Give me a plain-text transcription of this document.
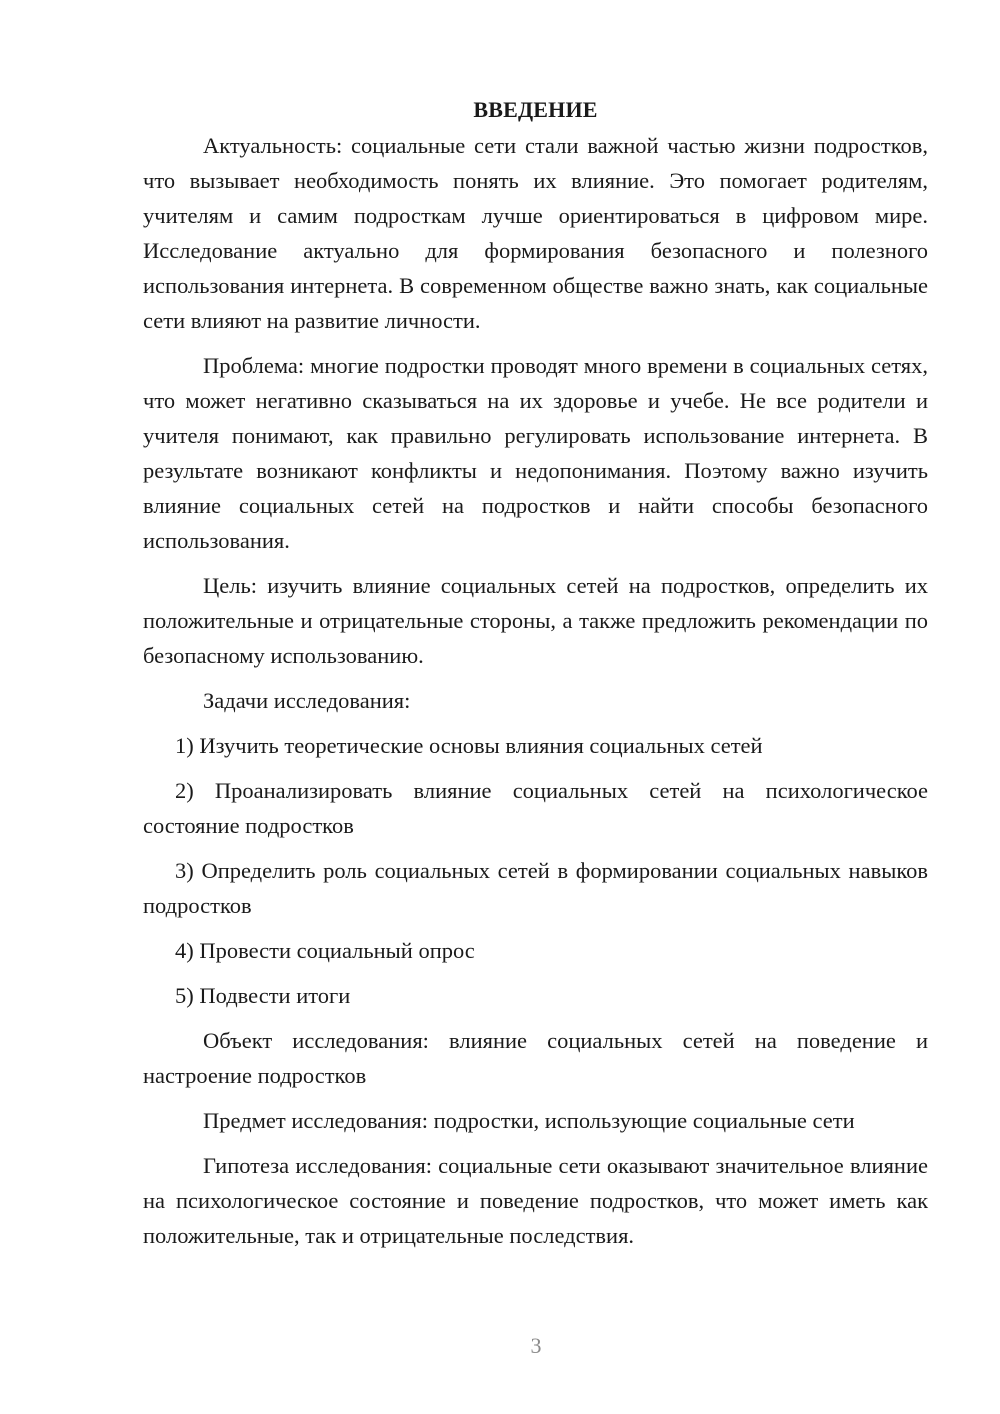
ВВЕДЕНИЕ

Актуальность: социальные сети стали важной частью жизни подростков, что вызывает необходимость понять их влияние. Это помогает родителям, учителям и самим подросткам лучше ориентироваться в цифровом мире. Исследование актуально для формирования безопасного и полезного использования интернета. В современном обществе важно знать, как социальные сети влияют на развитие личности.

Проблема: многие подростки проводят много времени в социальных сетях, что может негативно сказываться на их здоровье и учебе. Не все родители и учителя понимают, как правильно регулировать использование интернета. В результате возникают конфликты и недопонимания. Поэтому важно изучить влияние социальных сетей на подростков и найти способы безопасного использования.

Цель: изучить влияние социальных сетей на подростков, определить их положительные и отрицательные стороны, а также предложить рекомендации по безопасному использованию.

Задачи исследования:

1) Изучить теоретические основы влияния социальных сетей

2) Проанализировать влияние социальных сетей на психологическое состояние подростков

3) Определить роль социальных сетей в формировании социальных навыков подростков

4) Провести социальный опрос

5) Подвести итоги

Объект исследования: влияние социальных сетей на поведение и настроение подростков

Предмет исследования: подростки, использующие социальные сети

Гипотеза исследования: социальные сети оказывают значительное влияние на психологическое состояние и поведение подростков, что может иметь как положительные, так и отрицательные последствия.

3
